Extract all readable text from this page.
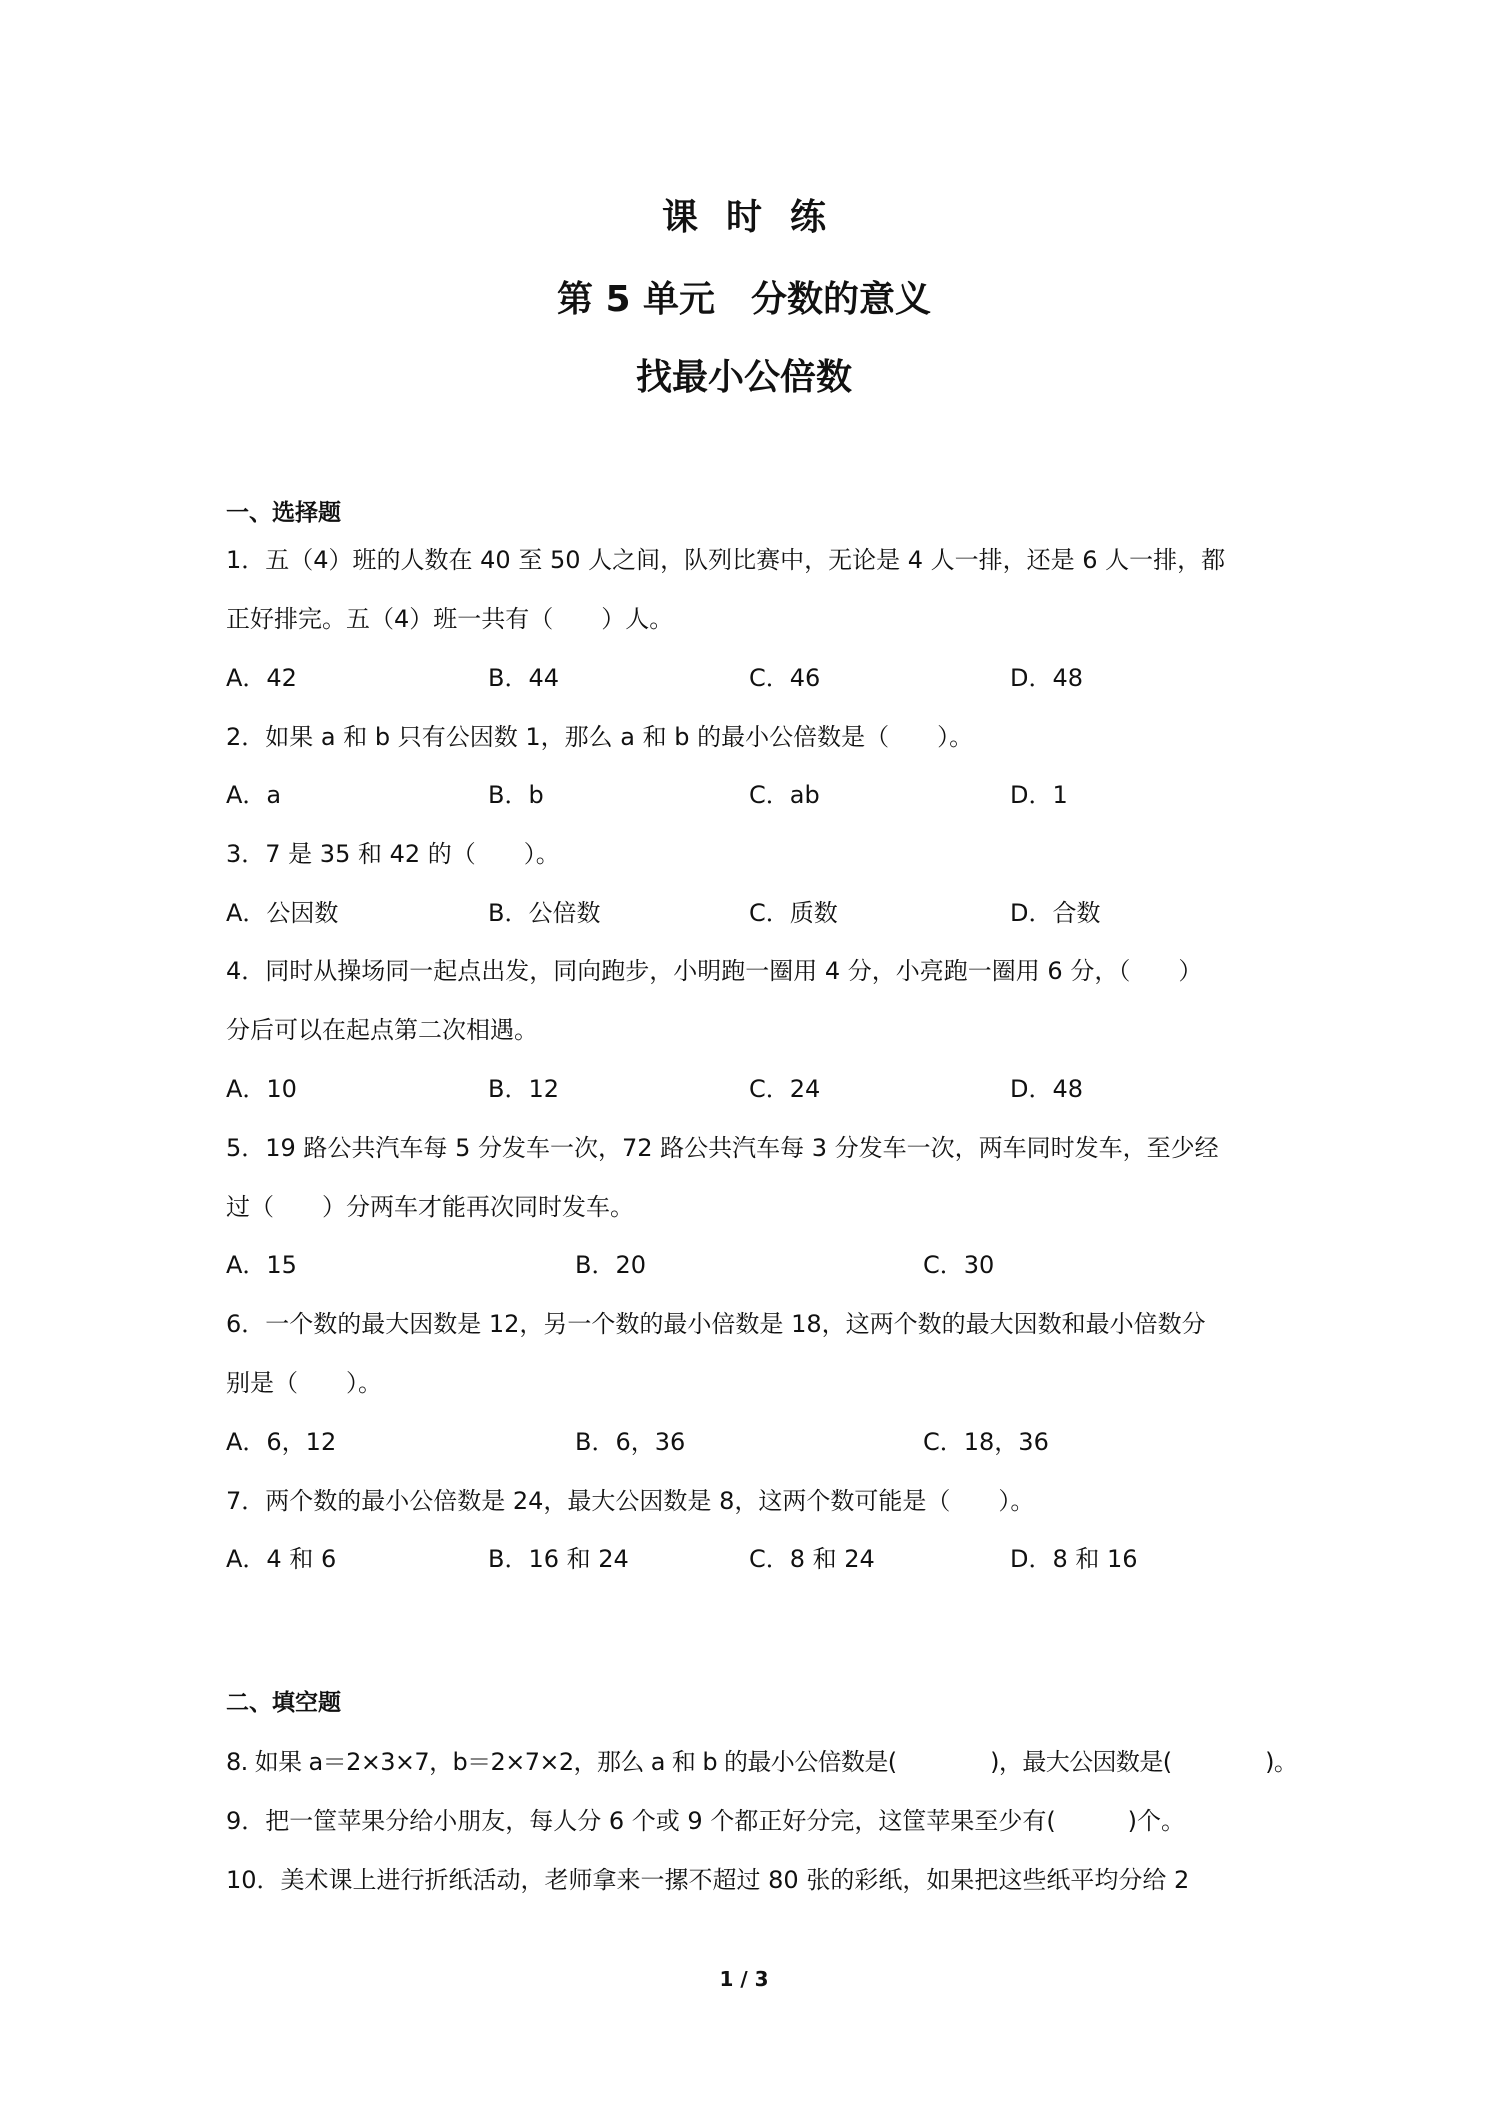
课时练
第 5 单元　分数的意义
找最小公倍数
一、选择题

1．五（4）班的人数在 40 至 50 人之间，队列比赛中，无论是 4 人一排，还是 6 人一排，都

正好排完。五（4）班一共有（　　）人。

A．42	B．44	C．46	D．48

2．如果 a 和 b 只有公因数 1，那么 a 和 b 的最小公倍数是（　　）。

A．a	B．b	C．ab	D．1

3．7 是 35 和 42 的（　　）。

A．公因数	B．公倍数	C．质数	D．合数

4．同时从操场同一起点出发，同向跑步，小明跑一圈用 4 分，小亮跑一圈用 6 分，（　　）

分后可以在起点第二次相遇。

A．10	B．12	C．24	D．48

5．19 路公共汽车每 5 分发车一次，72 路公共汽车每 3 分发车一次，两车同时发车，至少经

过（　　）分两车才能再次同时发车。

A．15	B．20	C．30

6．一个数的最大因数是 12，另一个数的最小倍数是 18，这两个数的最大因数和最小倍数分

别是（　　）。

A．6，12	B．6，36	C．18，36

7．两个数的最小公倍数是 24，最大公因数是 8，这两个数可能是（　　）。

A．4 和 6	B．16 和 24	C．8 和 24	D．8 和 16
二、填空题

8. 如果 a＝2×3×7，b＝2×7×2，那么 a 和 b 的最小公倍数是(　　　　)，最大公因数是(　　　　)。

9．把一筐苹果分给小朋友，每人分 6 个或 9 个都正好分完，这筐苹果至少有(　　　)个。

10．美术课上进行折纸活动，老师拿来一摞不超过 80 张的彩纸，如果把这些纸平均分给 2

1 / 3
